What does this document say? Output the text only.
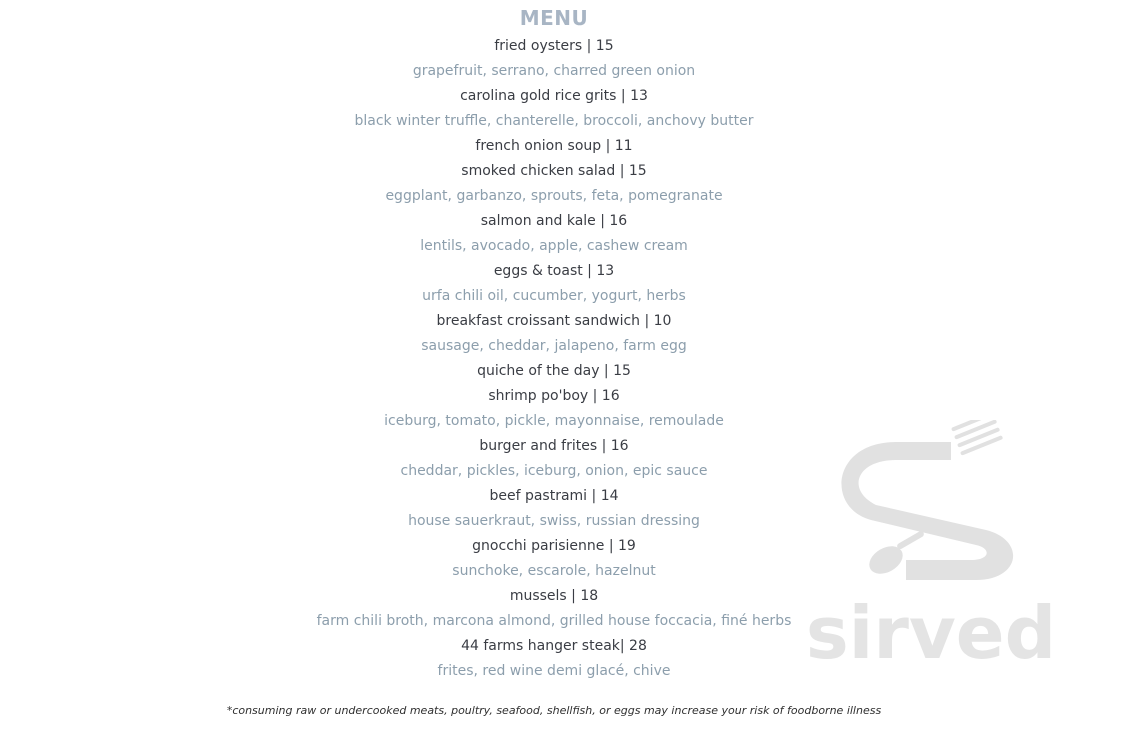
MENU
fried oysters | 15
grapefruit, serrano, charred green onion
carolina gold rice grits | 13
black winter truffle, chanterelle, broccoli, anchovy butter
french onion soup | 11
smoked chicken salad | 15
eggplant, garbanzo, sprouts, feta, pomegranate
salmon and kale | 16
lentils, avocado, apple, cashew cream
eggs & toast | 13
urfa chili oil, cucumber, yogurt, herbs
breakfast croissant sandwich | 10
sausage, cheddar, jalapeno, farm egg
quiche of the day | 15
shrimp po'boy | 16
iceburg, tomato, pickle, mayonnaise, remoulade
burger and frites | 16
cheddar, pickles, iceburg, onion, epic sauce
beef pastrami | 14
house sauerkraut, swiss, russian dressing
gnocchi parisienne | 19
sunchoke, escarole, hazelnut
mussels | 18
farm chili broth, marcona almond, grilled house foccacia, finé herbs
44 farms hanger steak| 28
frites, red wine demi glacé, chive
*consuming raw or undercooked meats, poultry, seafood, shellfish, or eggs may increase your risk of foodborne illness
sirved
